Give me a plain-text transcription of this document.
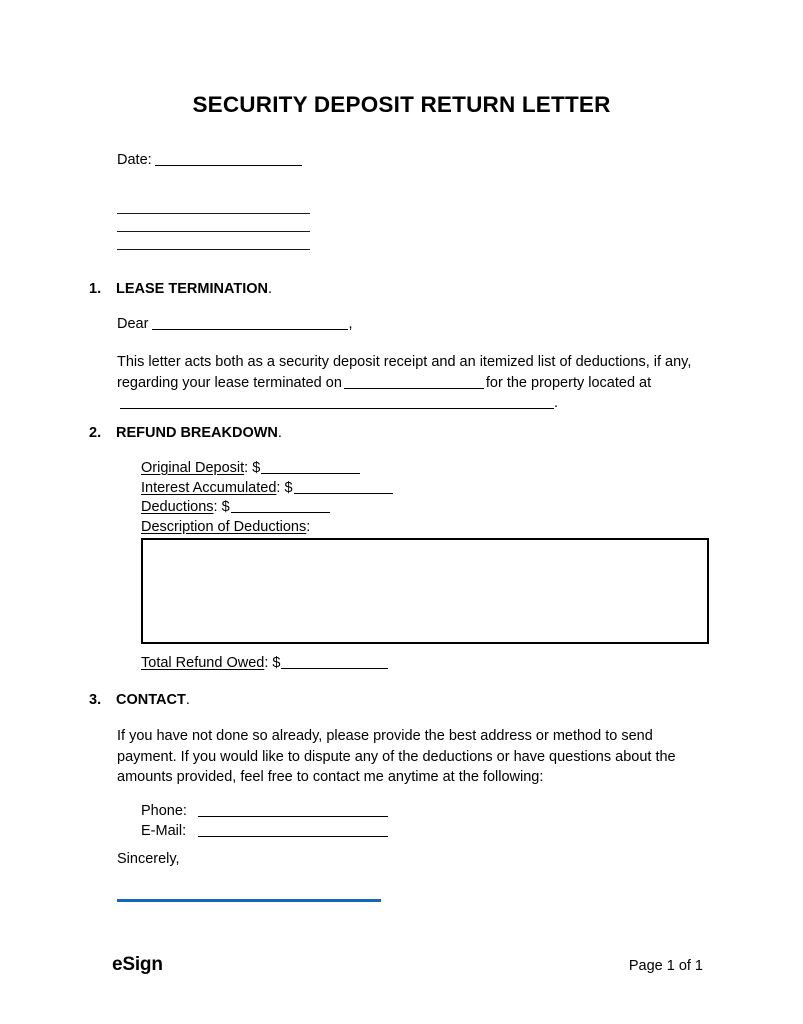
SECURITY DEPOSIT RETURN LETTER
Date:
1. LEASE TERMINATION.
Dear	,
This letter acts both as a security deposit receipt and an itemized list of deductions, if any, regarding your lease terminated on	for the property located at.
2. REFUND BREAKDOWN.
Original Deposit: $
Interest Accumulated: $
Deductions: $
Description of Deductions:
Total Refund Owed: $
3. CONTACT.
If you have not done so already, please provide the best address or method to send payment. If you would like to dispute any of the deductions or have questions about the amounts provided, feel free to contact me anytime at the following:
Phone:
E-Mail:
Sincerely,
eSign	Page 1 of 1
